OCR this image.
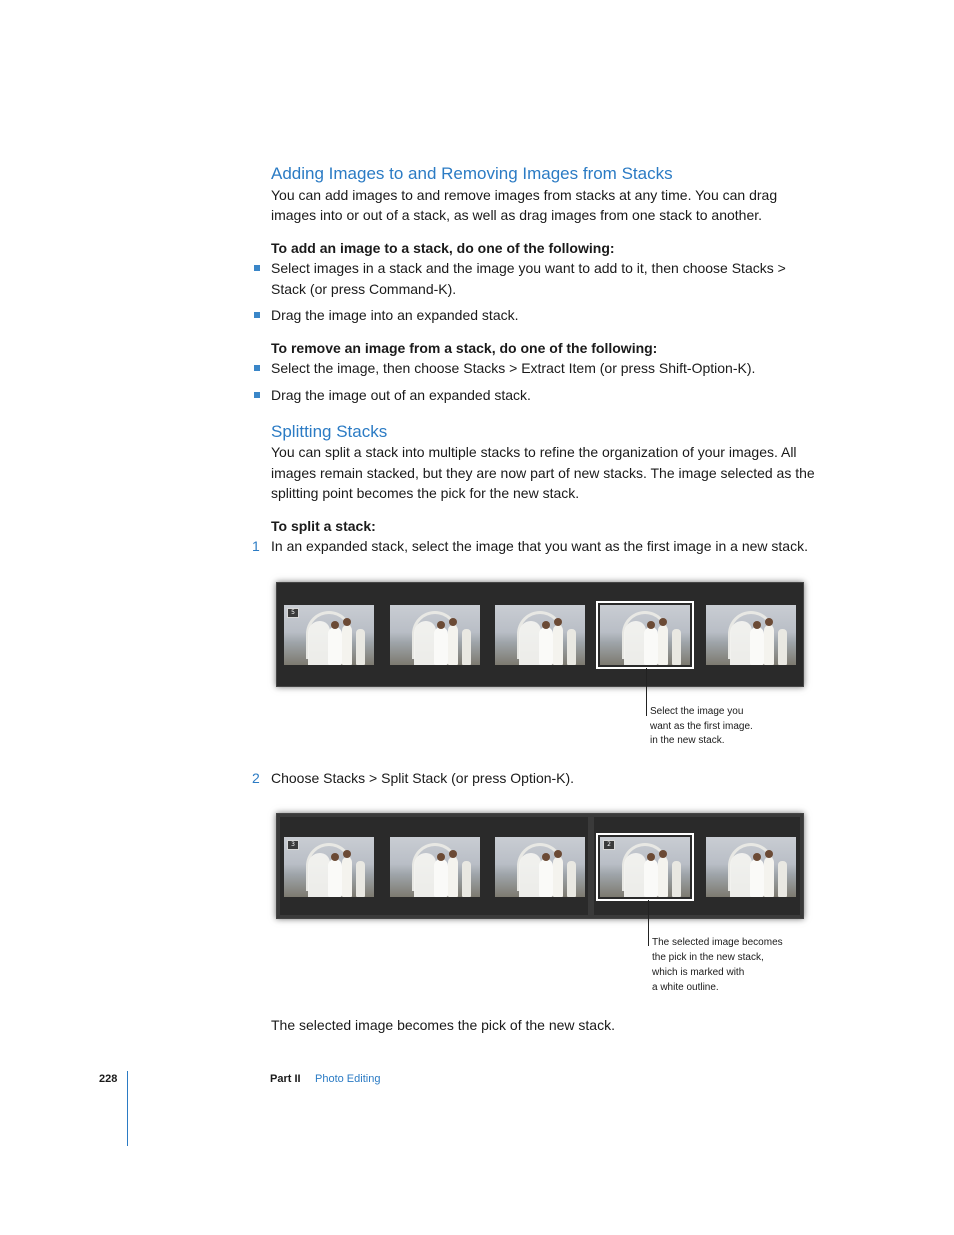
Adding Images to and Removing Images from Stacks
You can add images to and remove images from stacks at any time. You can drag
images into or out of a stack, as well as drag images from one stack to another.
To add an image to a stack, do one of the following:
Select images in a stack and the image you want to add to it, then choose Stacks >
Stack (or press Command-K).
Drag the image into an expanded stack.
To remove an image from a stack, do one of the following:
Select the image, then choose Stacks > Extract Item (or press Shift-Option-K).
Drag the image out of an expanded stack.
Splitting Stacks
You can split a stack into multiple stacks to refine the organization of your images. All
images remain stacked, but they are now part of new stacks. The image selected as the
splitting point becomes the pick for the new stack.
To split a stack:
1 In an expanded stack, select the image that you want as the first image in a new stack.
5
Select the image you
want as the first image.
in the new stack.
2 Choose Stacks > Split Stack (or press Option-K).
3	2
The selected image becomes
the pick in the new stack,
which is marked with
a white outline.
The selected image becomes the pick of the new stack.
228	Part II Photo Editing
